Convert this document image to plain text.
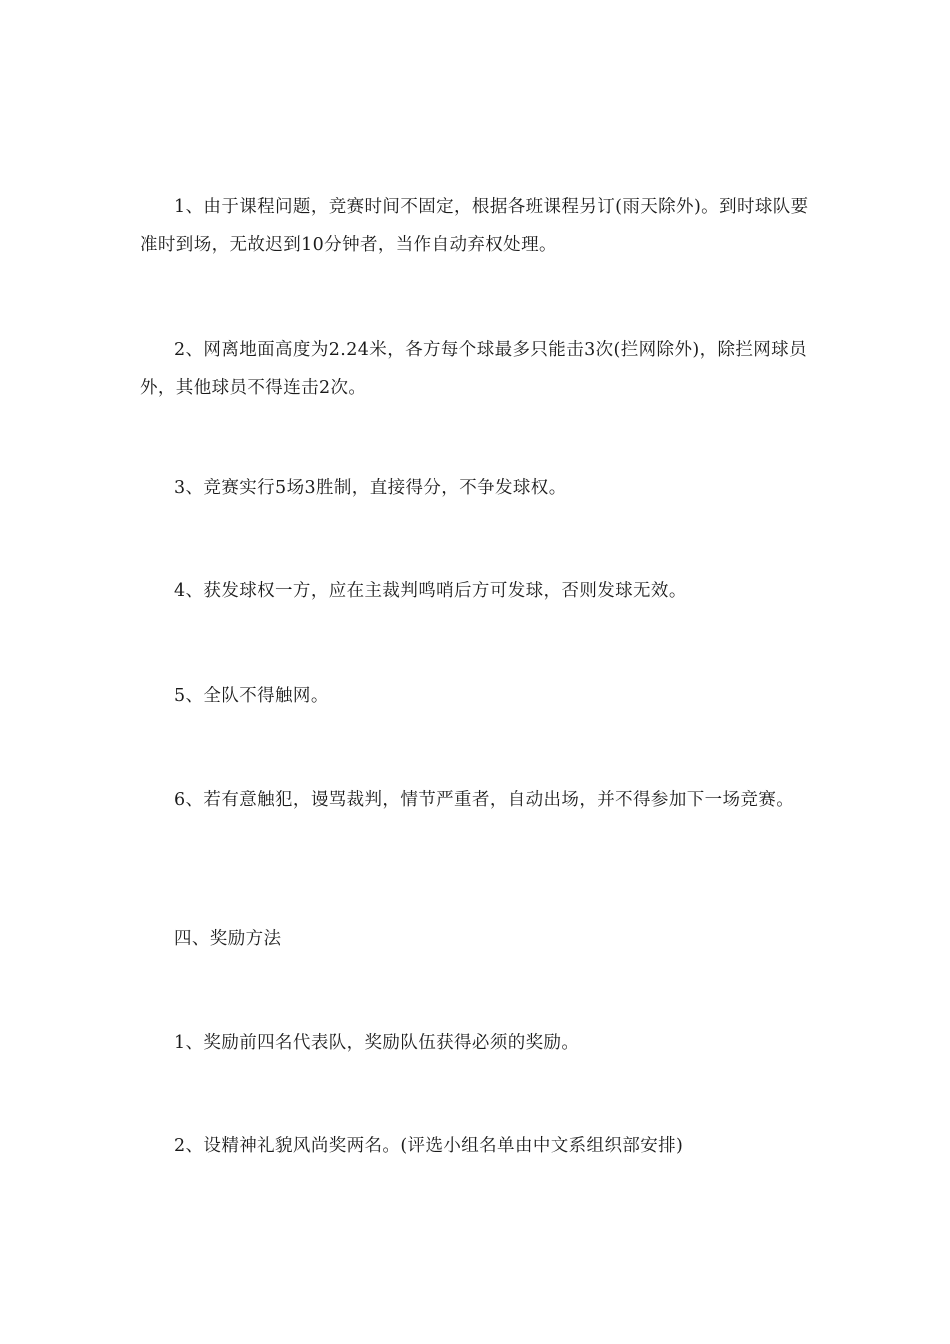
1、由于课程问题，竞赛时间不固定，根据各班课程另订(雨天除外)。到时球队要准时到场，无故迟到10分钟者，当作自动弃权处理。

2、网离地面高度为2.24米，各方每个球最多只能击3次(拦网除外)，除拦网球员外，其他球员不得连击2次。

3、竞赛实行5场3胜制，直接得分，不争发球权。

4、获发球权一方，应在主裁判鸣哨后方可发球，否则发球无效。

5、全队不得触网。

6、若有意触犯，谩骂裁判，情节严重者，自动出场，并不得参加下一场竞赛。

四、奖励方法

1、奖励前四名代表队，奖励队伍获得必须的奖励。

2、设精神礼貌风尚奖两名。(评选小组名单由中文系组织部安排)
